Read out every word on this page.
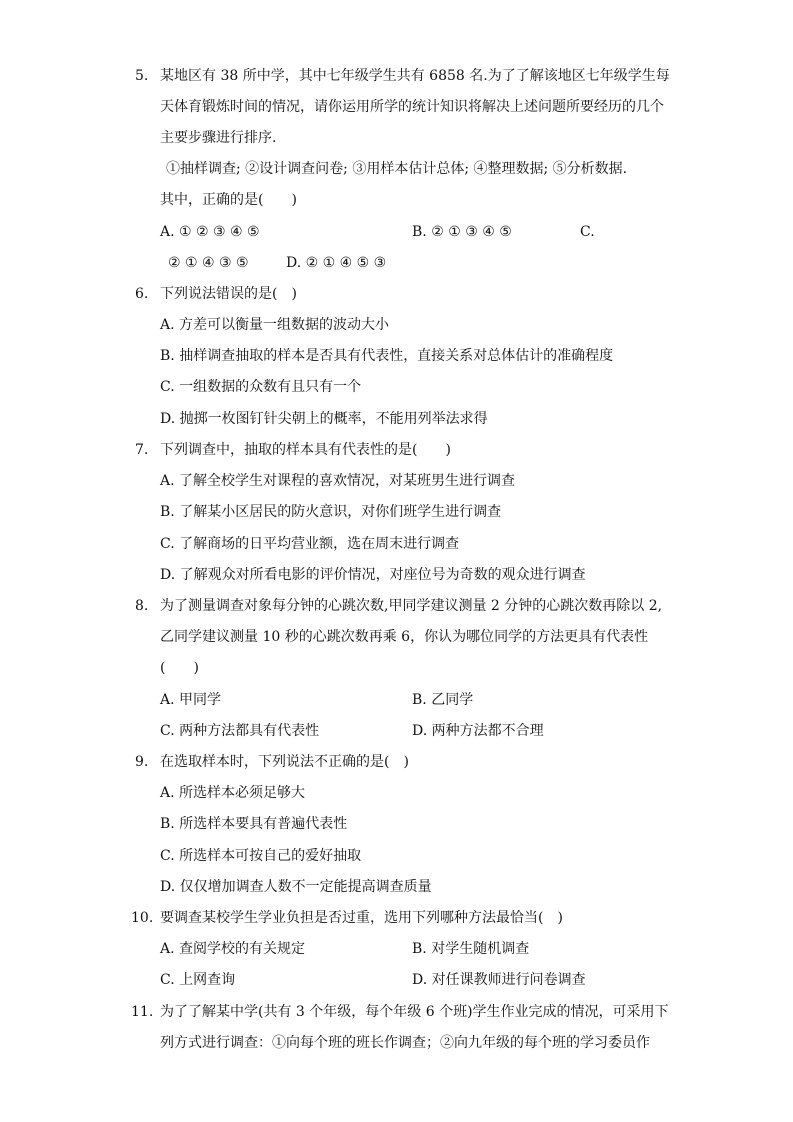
5. 某地区有 38 所中学，其中七年级学生共有 6858 名.为了了解该地区七年级学生每
天体育锻炼时间的情况，请你运用所学的统计知识将解决上述问题所要经历的几个
主要步骤进行排序.
①抽样调查; ②设计调查问卷; ③用样本估计总体; ④整理数据; ⑤分析数据.
其中，正确的是(　　)
A. ① ② ③ ④ ⑤	B. ② ① ③ ④ ⑤	C.
② ① ④ ③ ⑤	D. ② ① ④ ⑤ ③
6. 下列说法错误的是(　)
A. 方差可以衡量一组数据的波动大小
B. 抽样调查抽取的样本是否具有代表性，直接关系对总体估计的准确程度
C. 一组数据的众数有且只有一个
D. 抛掷一枚图钉针尖朝上的概率，不能用列举法求得
7. 下列调查中，抽取的样本具有代表性的是(　　)
A. 了解全校学生对课程的喜欢情况，对某班男生进行调查
B. 了解某小区居民的防火意识，对你们班学生进行调查
C. 了解商场的日平均营业额，选在周末进行调查
D. 了解观众对所看电影的评价情况，对座位号为奇数的观众进行调查
8. 为了测量调查对象每分钟的心跳次数,甲同学建议测量 2 分钟的心跳次数再除以 2,
乙同学建议测量 10 秒的心跳次数再乘 6，你认为哪位同学的方法更具有代表性
(　　)
A. 甲同学	B. 乙同学
C. 两种方法都具有代表性	D. 两种方法都不合理
9. 在选取样本时，下列说法不正确的是(　)
A. 所选样本必须足够大
B. 所选样本要具有普遍代表性
C. 所选样本可按自己的爱好抽取
D. 仅仅增加调查人数不一定能提高调查质量
10. 要调查某校学生学业负担是否过重，选用下列哪种方法最恰当(　)
A. 查阅学校的有关规定	B. 对学生随机调查
C. 上网查询	D. 对任课教师进行问卷调查
11. 为了了解某中学(共有 3 个年级，每个年级 6 个班)学生作业完成的情况，可采用下
列方式进行调查：①向每个班的班长作调查；②向九年级的每个班的学习委员作
